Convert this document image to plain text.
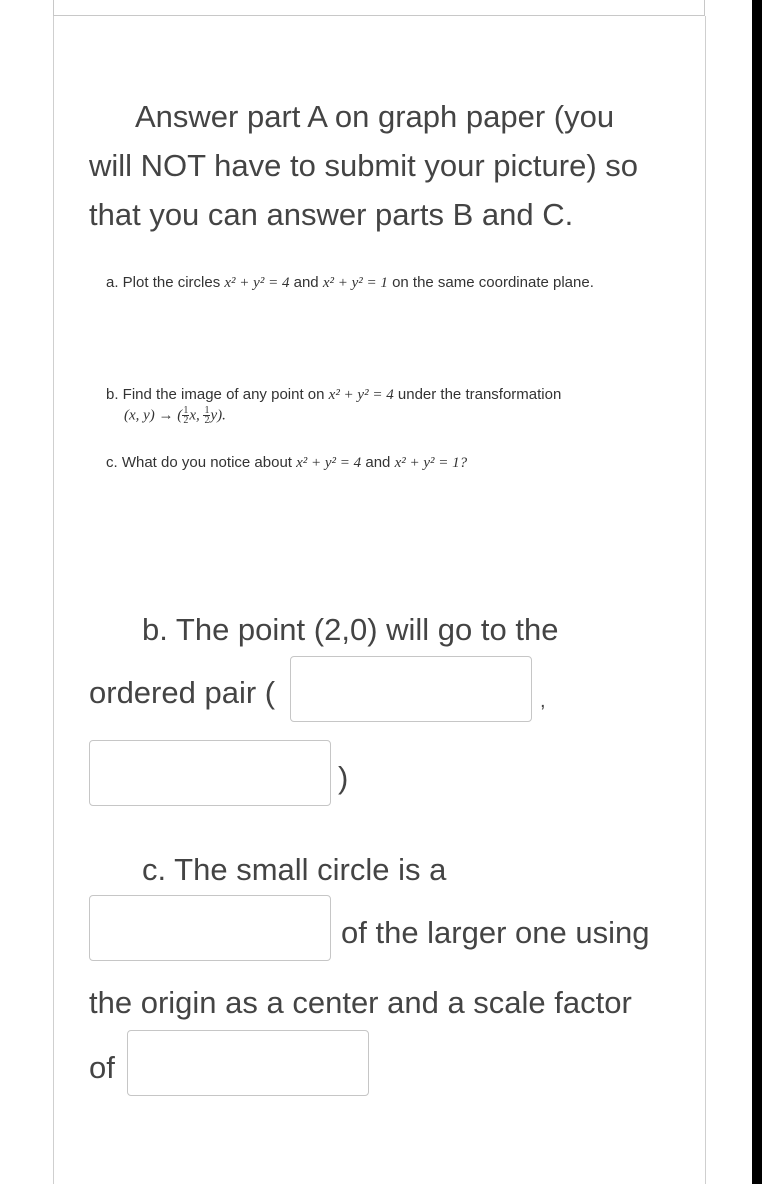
Answer part A on graph paper (you
will NOT have to submit your picture) so
that you can answer parts B and C.
a. Plot the circles x² + y² = 4 and x² + y² = 1 on the same coordinate plane.
b. Find the image of any point on x² + y² = 4 under the transformation
(x, y) → ( $\frac{1}{2} x$, $\frac{1}{2} y$).
c. What do you notice about x² + y² = 4 and x² + y² = 1?
b. The point (2,0) will go to the
ordered pair (	,
)
c. The small circle is a
of the larger one using
the origin as a center and a scale factor
of
